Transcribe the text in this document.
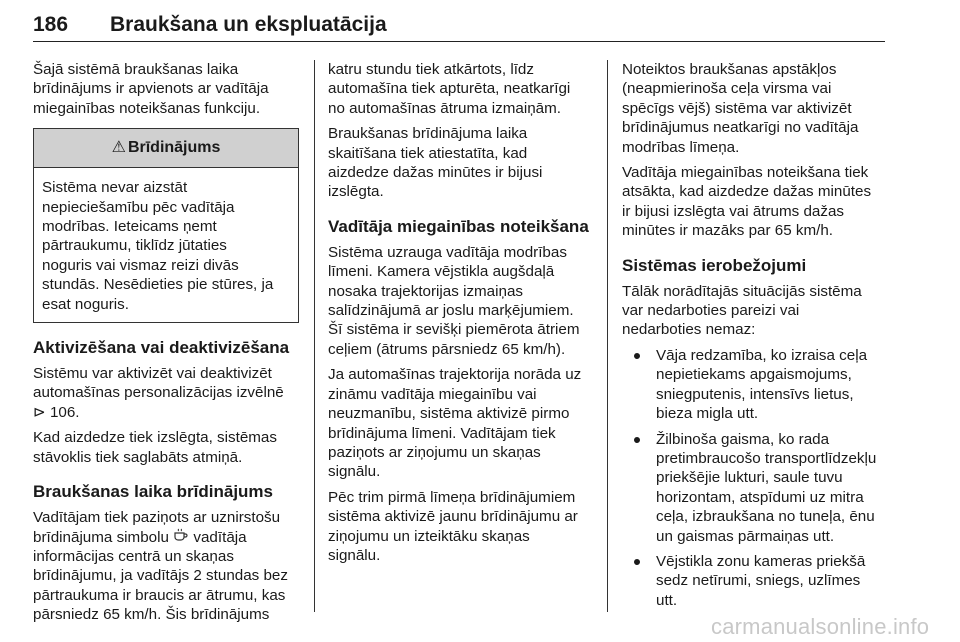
186 Braukšana un ekspluatācija

Šajā sistēmā braukšanas laika
brīdinājums ir apvienots ar vadītāja
miegainības noteikšanas funkciju.

⚠ Brīdinājums
Sistēma nevar aizstāt
nepieciešamību pēc vadītāja
modrības. Ieteicams ņemt
pārtraukumu, tiklīdz jūtaties
noguris vai vismaz reizi divās
stundās. Nesēdieties pie stūres, ja
esat noguris.
Aktivizēšana vai deaktivizēšana

Sistēmu var aktivizēt vai deaktivizēt
automašīnas personalizācijas izvēlnē
⊳ 106.

Kad aizdedze tiek izslēgta, sistēmas
stāvoklis tiek saglabāts atmiņā.

Braukšanas laika brīdinājums

Vadītājam tiek paziņots ar uznirstošu
brīdinājuma simbolu vadītāja
informācijas centrā un skaņas
brīdinājumu, ja vadītājs 2 stundas bez
pārtraukuma ir braucis ar ātrumu, kas
pārsniedz 65 km/h. Šis brīdinājums

katru stundu tiek atkārtots, līdz
automašīna tiek apturēta, neatkarīgi
no automašīnas ātruma izmaiņām.

Braukšanas brīdinājuma laika
skaitīšana tiek atiestatīta, kad
aizdedze dažas minūtes ir bijusi
izslēgta.

Vadītāja miegainības noteikšana

Sistēma uzrauga vadītāja modrības
līmeni. Kamera vējstikla augšdaļā
nosaka trajektorijas izmaiņas
salīdzinājumā ar joslu marķējumiem.
Šī sistēma ir sevišķi piemērota ātriem
ceļiem (ātrums pārsniedz 65 km/h).

Ja automašīnas trajektorija norāda uz
zināmu vadītāja miegainību vai
neuzmanību, sistēma aktivizē pirmo
brīdinājuma līmeni. Vadītājam tiek
paziņots ar ziņojumu un skaņas
signālu.

Pēc trim pirmā līmeņa brīdinājumiem
sistēma aktivizē jaunu brīdinājumu ar
ziņojumu un izteiktāku skaņas
signālu.

Noteiktos braukšanas apstākļos
(neapmierinoša ceļa virsma vai
spēcīgs vējš) sistēma var aktivizēt
brīdinājumus neatkarīgi no vadītāja
modrības līmeņa.

Vadītāja miegainības noteikšana tiek
atsākta, kad aizdedze dažas minūtes
ir bijusi izslēgta vai ātrums dažas
minūtes ir mazāks par 65 km/h.

Sistēmas ierobežojumi

Tālāk norādītajās situācijās sistēma
var nedarboties pareizi vai
nedarboties nemaz:

Vāja redzamība, ko izraisa ceļa
nepietiekams apgaismojums,
sniegputenis, intensīvs lietus,
bieza migla utt.
Žilbinoša gaisma, ko rada
pretimbraucošo transportlīdzekļu
priekšējie lukturi, saule tuvu
horizontam, atspīdumi uz mitra
ceļa, izbraukšana no tuneļa, ēnu
un gaismas pārmaiņas utt.
Vējstikla zonu kameras priekšā
sedz netīrumi, sniegs, uzlīmes
utt.
carmanualsonline.info
